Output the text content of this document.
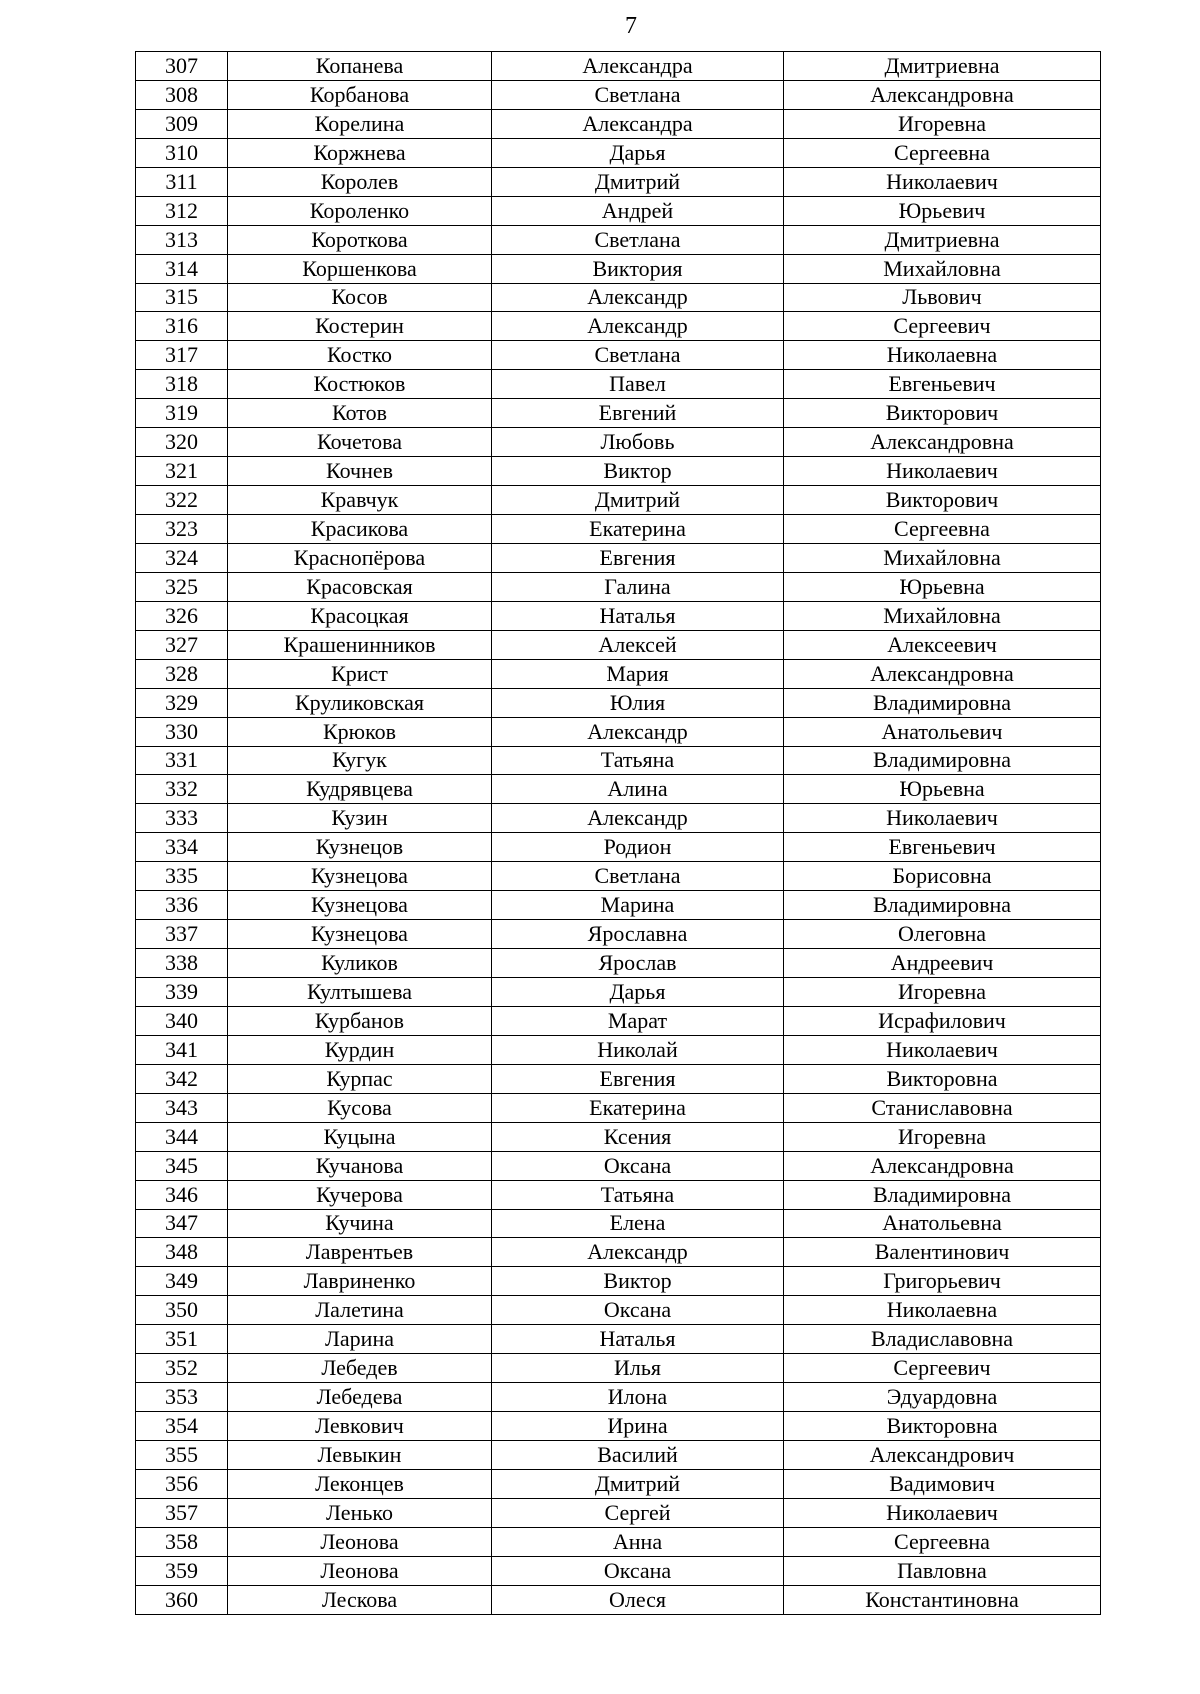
7
307	Копанева	Александра	Дмитриевна
308	Корбанова	Светлана	Александровна
309	Корелина	Александра	Игоревна
310	Коржнева	Дарья	Сергеевна
311	Королев	Дмитрий	Николаевич
312	Короленко	Андрей	Юрьевич
313	Короткова	Светлана	Дмитриевна
314	Коршенкова	Виктория	Михайловна
315	Косов	Александр	Львович
316	Костерин	Александр	Сергеевич
317	Костко	Светлана	Николаевна
318	Костюков	Павел	Евгеньевич
319	Котов	Евгений	Викторович
320	Кочетова	Любовь	Александровна
321	Кочнев	Виктор	Николаевич
322	Кравчук	Дмитрий	Викторович
323	Красикова	Екатерина	Сергеевна
324	Краснопёрова	Евгения	Михайловна
325	Красовская	Галина	Юрьевна
326	Красоцкая	Наталья	Михайловна
327	Крашенинников	Алексей	Алексеевич
328	Крист	Мария	Александровна
329	Круликовская	Юлия	Владимировна
330	Крюков	Александр	Анатольевич
331	Кугук	Татьяна	Владимировна
332	Кудрявцева	Алина	Юрьевна
333	Кузин	Александр	Николаевич
334	Кузнецов	Родион	Евгеньевич
335	Кузнецова	Светлана	Борисовна
336	Кузнецова	Марина	Владимировна
337	Кузнецова	Ярославна	Олеговна
338	Куликов	Ярослав	Андреевич
339	Култышева	Дарья	Игоревна
340	Курбанов	Марат	Исрафилович
341	Курдин	Николай	Николаевич
342	Курпас	Евгения	Викторовна
343	Кусова	Екатерина	Станиславовна
344	Куцына	Ксения	Игоревна
345	Кучанова	Оксана	Александровна
346	Кучерова	Татьяна	Владимировна
347	Кучина	Елена	Анатольевна
348	Лаврентьев	Александр	Валентинович
349	Лавриненко	Виктор	Григорьевич
350	Лалетина	Оксана	Николаевна
351	Ларина	Наталья	Владиславовна
352	Лебедев	Илья	Сергеевич
353	Лебедева	Илона	Эдуардовна
354	Левкович	Ирина	Викторовна
355	Левыкин	Василий	Александрович
356	Леконцев	Дмитрий	Вадимович
357	Ленько	Сергей	Николаевич
358	Леонова	Анна	Сергеевна
359	Леонова	Оксана	Павловна
360	Лескова	Олеся	Константиновна
